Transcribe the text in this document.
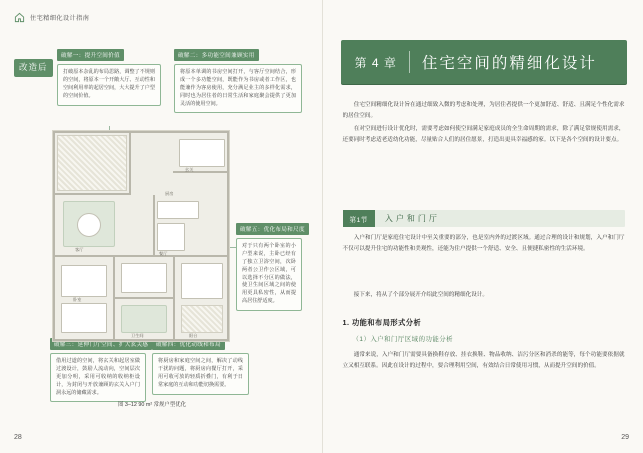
住宅精细化设计指南
改造后
破解一：提升空间价值
打破原本杂乱的布局思路，调整了不规则的空间，将原本一个开敞大厅、互动性和空间利用率的起居空间，大大提升了户型的空间价值。
破解二：多功能空间兼顾实用
将原本单调的书房空间打开，与客厅空间结合，形成一个多功能空间，既能作为书房或者工作区，也能兼作为客房使用，充分满足业主的多样化需求，同时也为居住者的日常生活和家庭聚会提供了更加灵活的使用空间。
破解五：优化布局和尺度
对于只有两个卧室的小户型来说，主卧已经有了独立卫浴空间，次卧两者公卫作公区域，可以选择不分区的做法，使卫生间区域之间的使用更具私密性，从而提高居住舒适度。
破解三：延伸门厅空间、扩大玄关感
借用过道的空间，将玄关和起居室做过渡设计，鼓励人流动向，空间层次更加分明，采用可收纳的收纳柜设计，为封闭与开放兼顾的玄关入户门洞永远的储藏需求。
破解四：优化动线和布局
将厨房和家庭空间之间，解决了动线干扰的问题，将厨房向餐厅打开，采用可收可放的轻质折叠门，有利于日常家庭的互动和功能切换需要。
客厅
厨房
卧室
卫生间	阳台
玄关
餐厅
图 3–12 90 m² 常规户型优化
28
第 4 章 住宅空间的精细化设计

住宅空间精细化设计旨在通过细致入微的考虑和处理，为居住者提供一个更加舒适、舒适、且满足个性化需求的居住空间。

在对空间进行设计优化时，需要考虑如何使空间满足家庭成员的全生命周期的需求，除了满足常规使用需求，还要同时考虑适老适幼化功能，尽量贴合人们的居住愿景，打造出更具幸福感的家。以下是各个空间的设计要点。

第1节	入户和门厅
入户和门厅是家庭住宅设计中至关重要的部分，也是室内外的过渡区域。通过合理的设计和规划，入户和门厅不仅可以提升住宅的功能性和美观性，还能为住户提供一个舒适、安全、且便捷私密性的生活环境。
接下来，将从了个部分展开介绍此空间的精细化设计。
1. 功能和布局形式分析
（1）入户和门厅区域的功能分析
通常来说，入户和门厅需要具备换鞋存放、挂衣换鞋、物品收纳、洁污分区和消杀的能等，每个功能要依据就立又相互联系。因此在设计的过程中，要合理利用空间，有效结合日常使用习惯，从而提升空间的价值。
29
